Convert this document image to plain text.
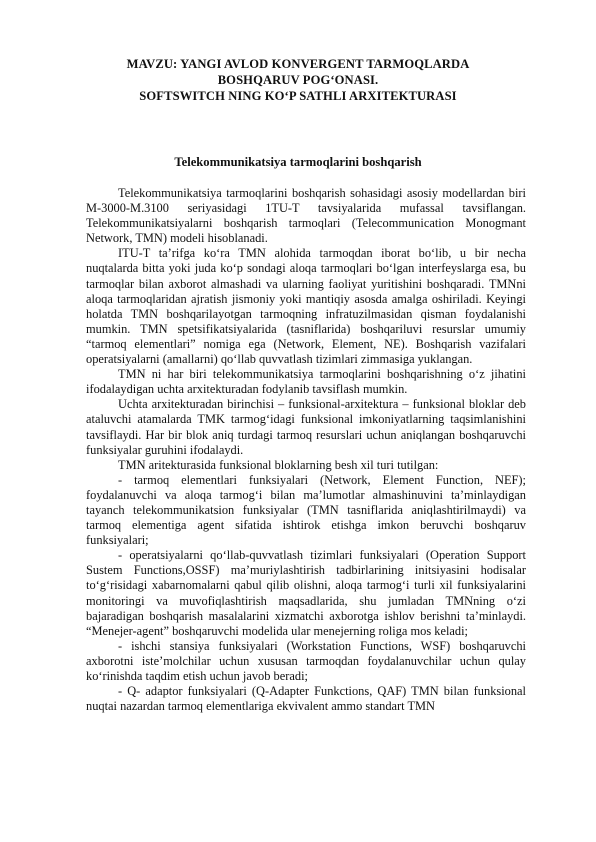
MAVZU: YANGI AVLOD KONVERGENT TARMOQLARDA
BOSHQARUV POG‘ONASI.
SOFTSWITCH NING KO‘P SATHLI ARXITEKTURASI
Telekommunikatsiya tarmoqlarini boshqarish

Telekommunikatsiya tarmoqlarini boshqarish sohasidagi asosiy modellardan biri M-3000-M.3100 seriyasidagi 1TU-T tavsiyalarida mufassal tavsiflangan. Telekommunikatsiyalarni boshqarish tarmoqlari (Telecommunication Monogmant Network, TMN) modeli hisoblanadi.

ITU-T ta’rifga ko‘ra TMN alohida tarmoqdan iborat bo‘lib, u bir necha nuqtalarda bitta yoki juda ko‘p sondagi aloqa tarmoqlari bo‘lgan interfeyslarga esa, bu tarmoqlar bilan axborot almashadi va ularning faoliyat yuritishini boshqaradi. TMNni aloqa tarmoqlaridan ajratish jismoniy yoki mantiqiy asosda amalga oshiriladi. Keyingi holatda TMN boshqarilayotgan tarmoqning infratuzilmasidan qisman foydalanishi mumkin. TMN spetsifikatsiyalarida (tasniflarida) boshqariluvi resurslar umumiy “tarmoq elementlari” nomiga ega (Network, Element, NE). Boshqarish vazifalari operatsiyalarni (amallarni) qo‘llab quvvatlash tizimlari zimmasiga yuklangan.

TMN ni har biri telekommunikatsiya tarmoqlarini boshqarishning o‘z jihatini ifodalaydigan uchta arxitekturadan fodylanib tavsiflash mumkin.

Uchta arxitekturadan birinchisi – funksional-arxitektura – funksional bloklar deb ataluvchi atamalarda TMK tarmog‘idagi funksional imkoniyatlarning taqsimlanishini tavsiflaydi. Har bir blok aniq turdagi tarmoq resurslari uchun aniqlangan boshqaruvchi funksiyalar guruhini ifodalaydi.

TMN aritekturasida funksional bloklarning besh xil turi tutilgan:

- tarmoq elementlari funksiyalari (Network, Element Function, NEF); foydalanuvchi va aloqa tarmog‘i bilan ma’lumotlar almashinuvini ta’minlaydigan tayanch telekommunikatsion funksiyalar (TMN tasniflarida aniqlashtirilmaydi) va tarmoq elementiga agent sifatida ishtirok etishga imkon beruvchi boshqaruv funksiyalari;

- operatsiyalarni qo‘llab-quvvatlash tizimlari funksiyalari (Operation Support Sustem Functions,OSSF) ma’muriylashtirish tadbirlarining initsiyasini hodisalar to‘g‘risidagi xabarnomalarni qabul qilib olishni, aloqa tarmog‘i turli xil funksiyalarini monitoringi va muvofiqlashtirish maqsadlarida, shu jumladan TMNning o‘zi bajaradigan boshqarish masalalarini xizmatchi axborotga ishlov berishni ta’minlaydi. “Menejer-agent” boshqaruvchi modelida ular menejerning roliga mos keladi;

- ishchi stansiya funksiyalari (Workstation Functions, WSF) boshqaruvchi axborotni iste’molchilar uchun xususan tarmoqdan foydalanuvchilar uchun qulay ko‘rinishda taqdim etish uchun javob beradi;

- Q- adaptor funksiyalari (Q-Adapter Funkctions, QAF) TMN bilan funksional nuqtai nazardan tarmoq elementlariga ekvivalent ammo standart TMN
